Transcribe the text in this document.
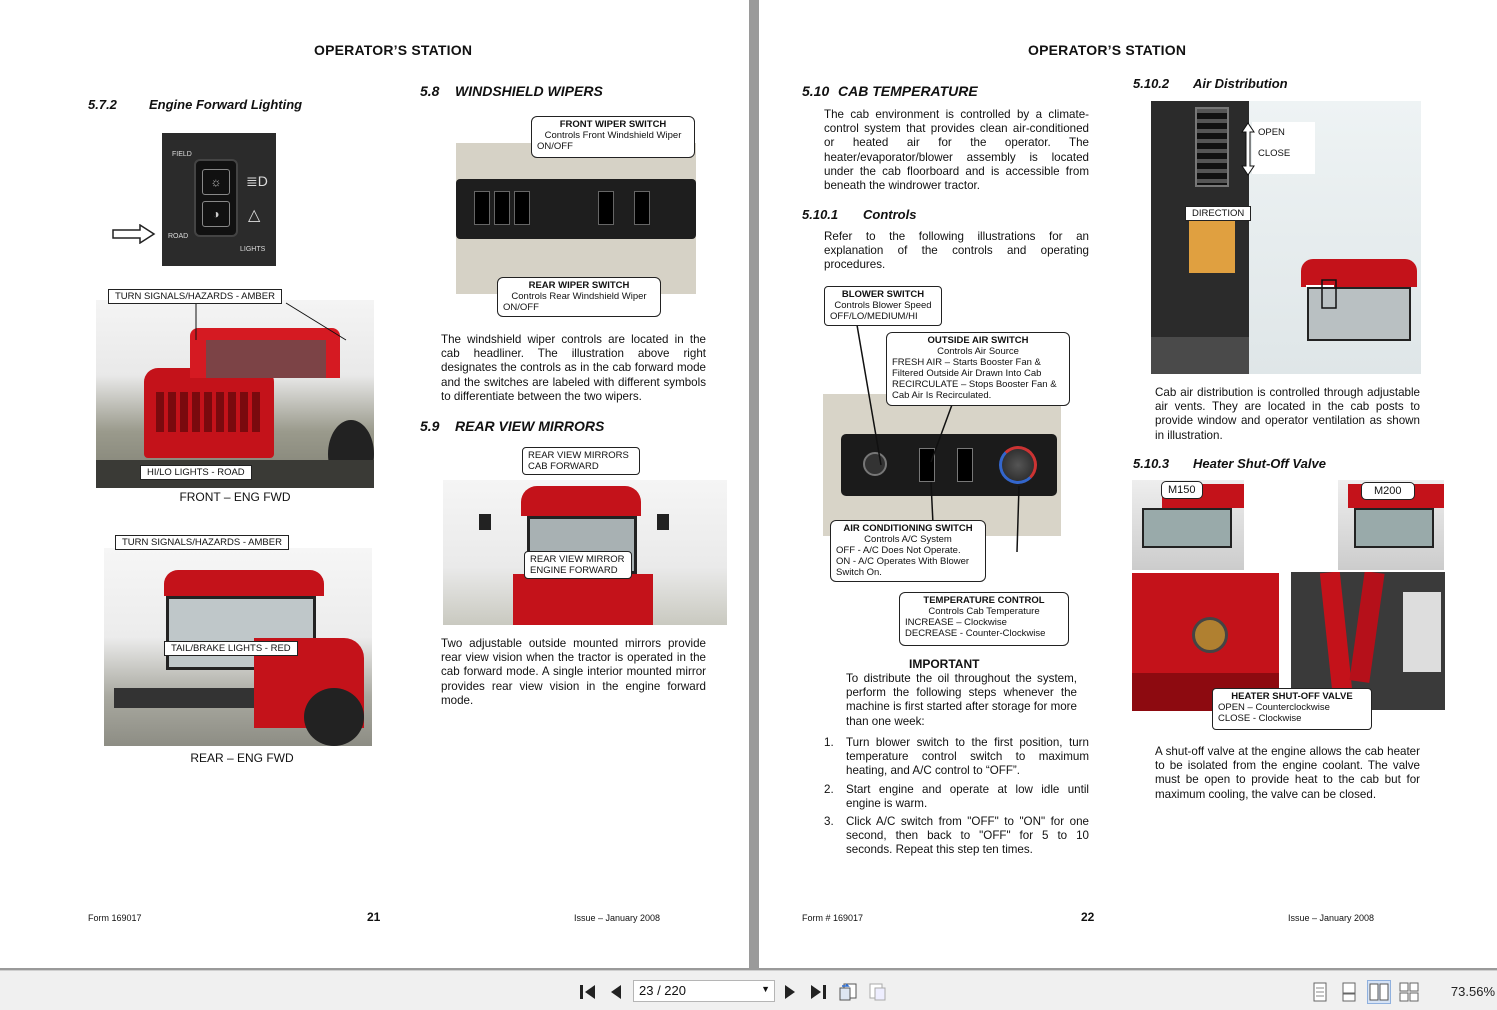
OPERATOR’S STATION
5.7.2 Engine Forward Lighting
FIELD
ROAD
LIGHTS
☼
◑
≣D
△
TURN SIGNALS/HAZARDS - AMBER
HI/LO LIGHTS - ROAD
FRONT – ENG FWD
TURN SIGNALS/HAZARDS - AMBER
TAIL/BRAKE LIGHTS - RED
REAR – ENG FWD
5.8 WINDSHIELD WIPERS
FRONT WIPER SWITCH
Controls Front Windshield Wiper
ON/OFF
REAR WIPER SWITCH
Controls Rear Windshield Wiper
ON/OFF
The windshield wiper controls are located in the cab headliner. The illustration above right designates the controls as in the cab forward mode and the switches are labeled with different symbols to differentiate between the two wipers.
5.9 REAR VIEW MIRRORS
REAR VIEW MIRRORS
CAB FORWARD
REAR VIEW MIRROR
ENGINE FORWARD
Two adjustable outside mounted mirrors provide rear view vision when the tractor is operated in the cab forward mode. A single interior mounted mirror provides rear view vision in the engine forward mode.
Form 169017	21	Issue – January 2008
OPERATOR’S STATION
5.10 CAB TEMPERATURE
The cab environment is controlled by a climate-control system that provides clean air-conditioned or heated air for the operator. The heater/evaporator/blower assembly is located under the cab floorboard and is accessible from beneath the windrower tractor.
5.10.1 Controls
Refer to the following illustrations for an explanation of the controls and operating procedures.
BLOWER SWITCH
Controls Blower Speed
OFF/LO/MEDIUM/HI
OUTSIDE AIR SWITCH
Controls Air Source
FRESH AIR – Starts Booster Fan &
Filtered Outside Air Drawn Into Cab
RECIRCULATE – Stops Booster Fan &
Cab Air Is Recirculated.
AIR CONDITIONING SWITCH
Controls A/C System
OFF - A/C Does Not Operate.
ON - A/C Operates With Blower
Switch On.
TEMPERATURE CONTROL
Controls Cab Temperature
INCREASE – Clockwise
DECREASE - Counter-Clockwise
IMPORTANT
To distribute the oil throughout the system, perform the following steps whenever the machine is first started after storage for more than one week:
1. Turn blower switch to the first position, turn temperature control switch to maximum heating, and A/C control to “OFF”.
2. Start engine and operate at low idle until engine is warm.
3. Click A/C switch from "OFF" to "ON" for one second, then back to "OFF" for 5 to 10 seconds. Repeat this step ten times.
5.10.2 Air Distribution
OPEN
CLOSE
DIRECTION
Cab air distribution is controlled through adjustable air vents. They are located in the cab posts to provide window and operator ventilation as shown in illustration.
5.10.3 Heater Shut-Off Valve
M150	M200
HEATER SHUT-OFF VALVE
OPEN – Counterclockwise
CLOSE - Clockwise
A shut-off valve at the engine allows the cab heater to be isolated from the engine coolant. The valve must be open to provide heat to the cab but for maximum cooling, the valve can be closed.
Form # 169017	22	Issue – January 2008
23 / 220	▼	73.56%
